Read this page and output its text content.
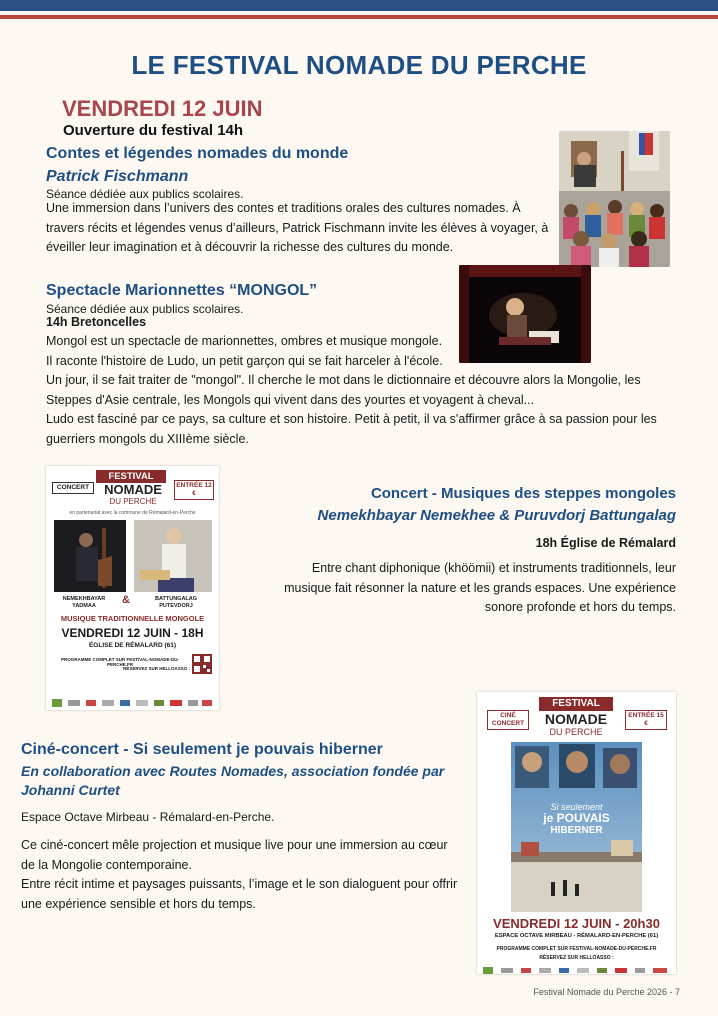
LE FESTIVAL NOMADE DU PERCHE
VENDREDI 12 JUIN
Ouverture du festival 14h
Contes et légendes nomades du monde
Patrick Fischmann
Séance dédiée aux publics scolaires.
Une immersion dans l’univers des contes et traditions orales des cultures nomades. À
travers récits et légendes venus d’ailleurs, Patrick Fischmann invite les élèves à voyager, à
éveiller leur imagination et à découvrir la richesse des cultures du monde.
Spectacle Marionnettes “MONGOL”
Séance dédiée aux publics scolaires.
14h Bretoncelles
Mongol est un spectacle de marionnettes, ombres et musique mongole.
Il raconte l'histoire de Ludo, un petit garçon qui se fait harceler à l'école.
Un jour, il se fait traiter de "mongol". Il cherche le mot dans le dictionnaire et découvre alors la Mongolie, les
Steppes d'Asie centrale, les Mongols qui vivent dans des yourtes et voyagent à cheval...
Ludo est fasciné par ce pays, sa culture et son histoire. Petit à petit, il va s'affirmer grâce à sa passion pour les
guerriers mongols du XIIIème siècle.
CONCERT
FESTIVAL
NOMADE
DU PERCHE
ENTRÉE 12 €
en partenariat avec la commune de Rémalard-en-Perche
NEMEKHBAYAR YADMAA	&	BATTUNGALAG PUTEVDORJ
MUSIQUE TRADITIONNELLE MONGOLE
VENDREDI 12 JUIN - 18H
ÉGLISE DE RÉMALARD (61)
PROGRAMME COMPLET SUR FESTIVAL-NOMADE-DU-PERCHE.FR
RÉSERVEZ SUR HELLOASSO :
Concert - Musiques des steppes mongoles
Nemekhbayar Nemekhee & Puruvdorj Battungalag
18h Église de Rémalard
Entre chant diphonique (khöömii) et instruments traditionnels, leur
musique fait résonner la nature et les grands espaces. Une expérience
sonore profonde et hors du temps.
Ciné-concert - Si seulement je pouvais hiberner
En collaboration avec Routes Nomades, association fondée par
Johanni Curtet
Espace Octave Mirbeau - Rémalard-en-Perche.
Ce ciné-concert mêle projection et musique live pour une immersion au cœur
de la Mongolie contemporaine.
Entre récit intime et paysages puissants, l’image et le son dialoguent pour offrir
une expérience sensible et hors du temps.
CINÉ CONCERT
FESTIVAL
NOMADE
DU PERCHE
ENTRÉE 15 €
Si seulement
je POUVAIS
HIBERNER
VENDREDI 12 JUIN - 20h30
ESPACE OCTAVE MIRBEAU - RÉMALARD-EN-PERCHE (61)
PROGRAMME COMPLET SUR FESTIVAL-NOMADE-DU-PERCHE.FR
RÉSERVEZ SUR HELLOASSO :
Festival Nomade du Perche 2026 - 7
